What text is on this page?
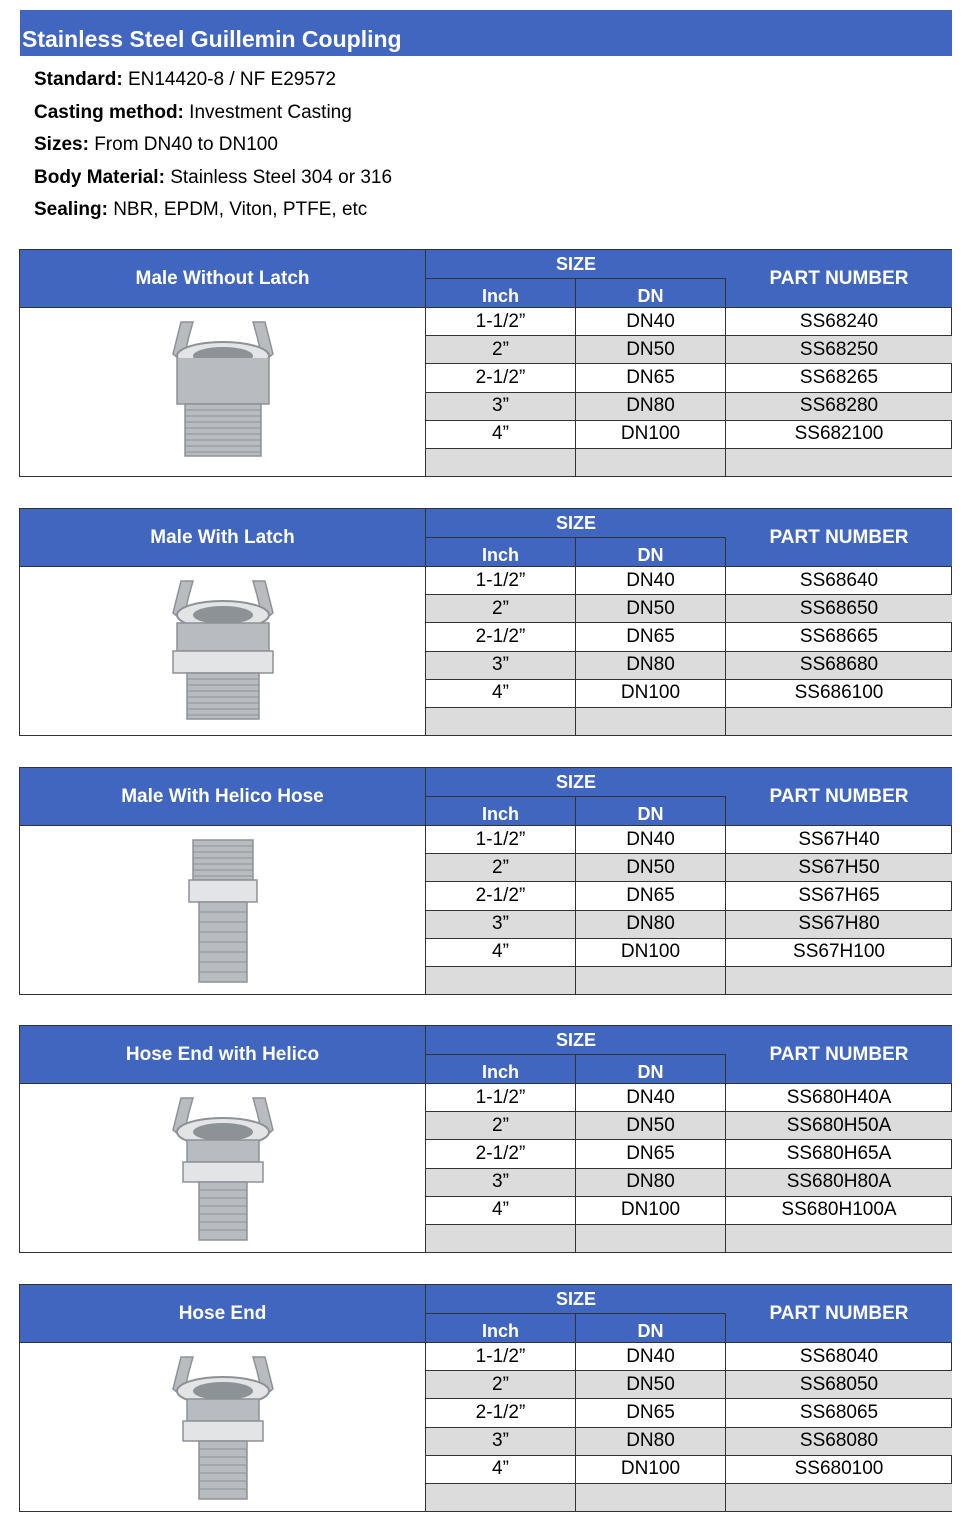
Stainless Steel Guillemin Coupling
Standard: EN14420-8 / NF E29572
Casting method: Investment Casting
Sizes: From DN40 to DN100
Body Material: Stainless Steel 304 or 316
Sealing: NBR, EPDM, Viton, PTFE, etc
Male Without Latch
SIZE
Inch	DN
PART NUMBER
1-1/2”	DN40	SS68240
2”	DN50	SS68250
2-1/2”	DN65	SS68265
3”	DN80	SS68280
4”	DN100	SS682100
Male With Latch
SIZE
Inch	DN
PART NUMBER
1-1/2”	DN40	SS68640
2”	DN50	SS68650
2-1/2”	DN65	SS68665
3”	DN80	SS68680
4”	DN100	SS686100
Male With Helico Hose
SIZE
Inch	DN
PART NUMBER
1-1/2”	DN40	SS67H40
2”	DN50	SS67H50
2-1/2”	DN65	SS67H65
3”	DN80	SS67H80
4”	DN100	SS67H100
Hose End with Helico
SIZE
Inch	DN
PART NUMBER
1-1/2”	DN40	SS680H40A
2”	DN50	SS680H50A
2-1/2”	DN65	SS680H65A
3”	DN80	SS680H80A
4”	DN100	SS680H100A
Hose End
SIZE
Inch	DN
PART NUMBER
1-1/2”	DN40	SS68040
2”	DN50	SS68050
2-1/2”	DN65	SS68065
3”	DN80	SS68080
4”	DN100	SS680100
